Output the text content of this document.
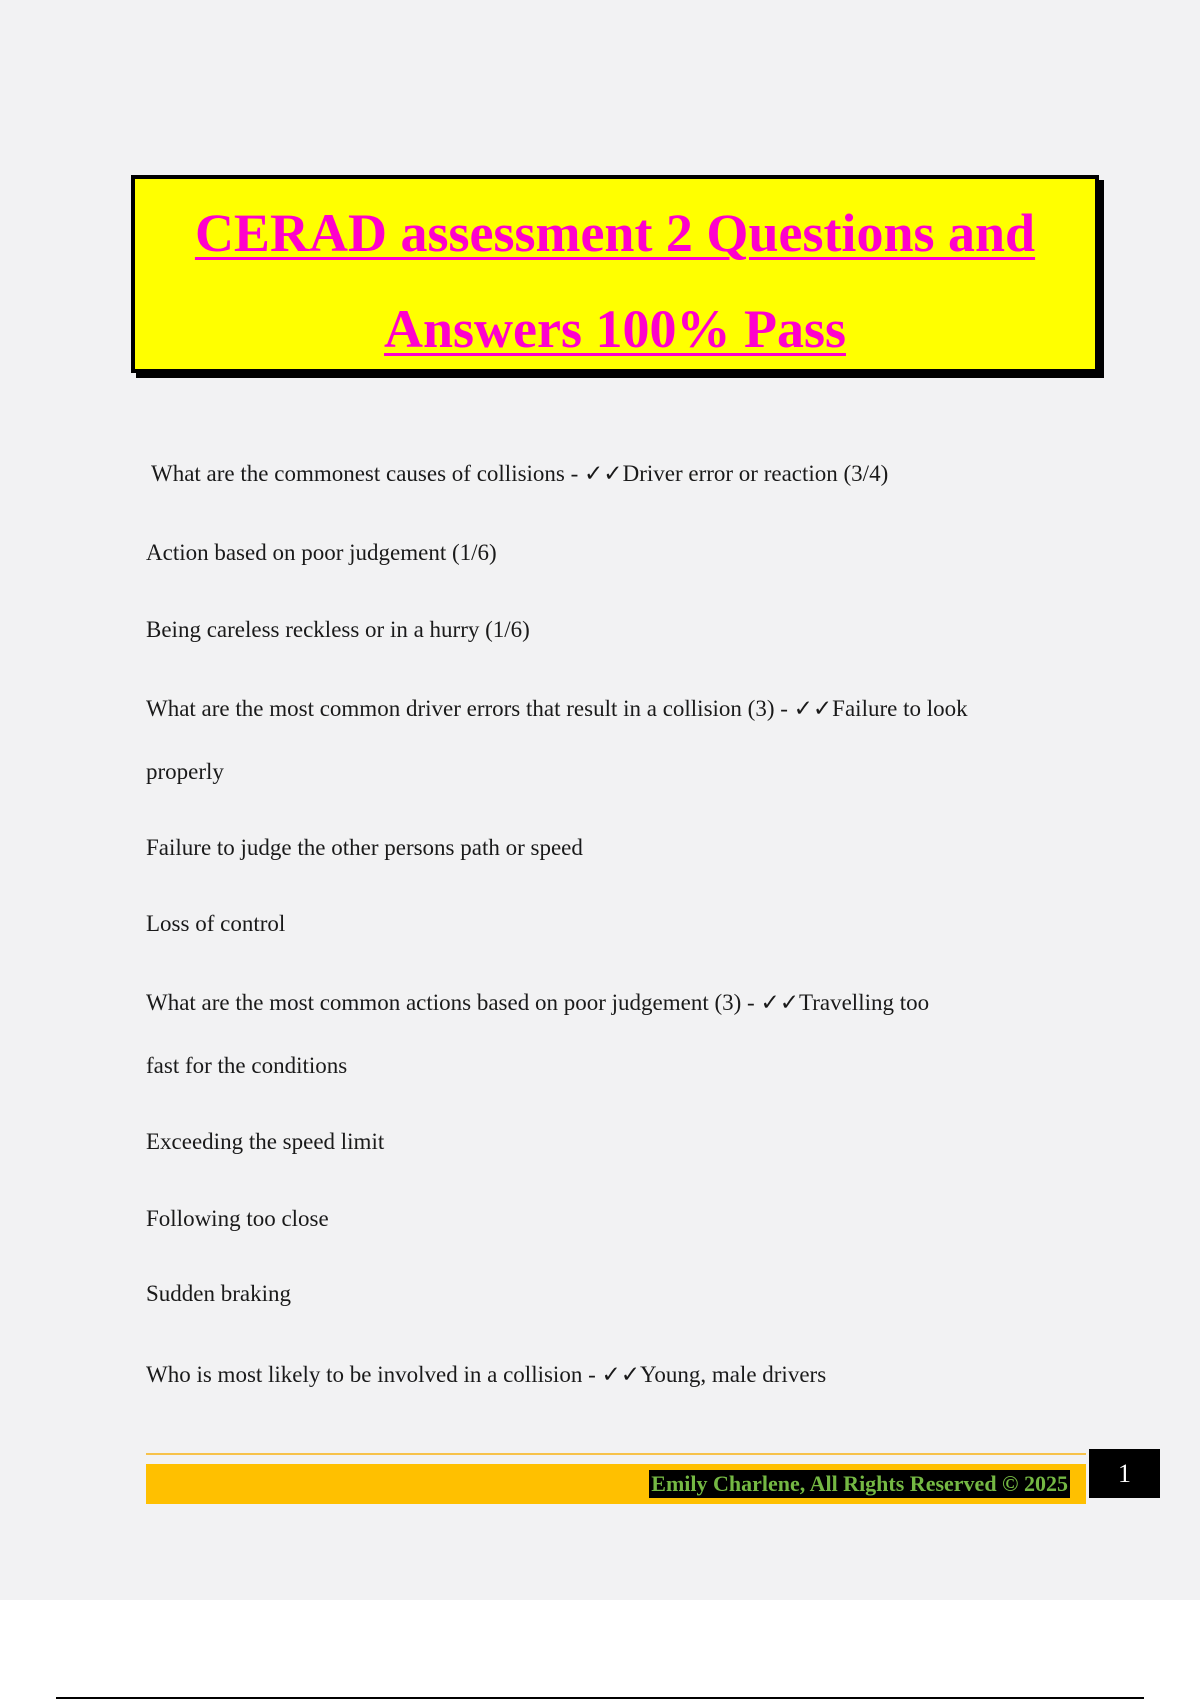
CERAD assessment 2 Questions and
Answers 100% Pass
What are the commonest causes of collisions - ✓✓Driver error or reaction (3/4)
Action based on poor judgement (1/6)
Being careless reckless or in a hurry (1/6)
What are the most common driver errors that result in a collision (3) - ✓✓Failure to look
properly
Failure to judge the other persons path or speed
Loss of control
What are the most common actions based on poor judgement (3) - ✓✓Travelling too
fast for the conditions
Exceeding the speed limit
Following too close
Sudden braking
Who is most likely to be involved in a collision - ✓✓Young, male drivers
Emily Charlene, All Rights Reserved © 2025	1
